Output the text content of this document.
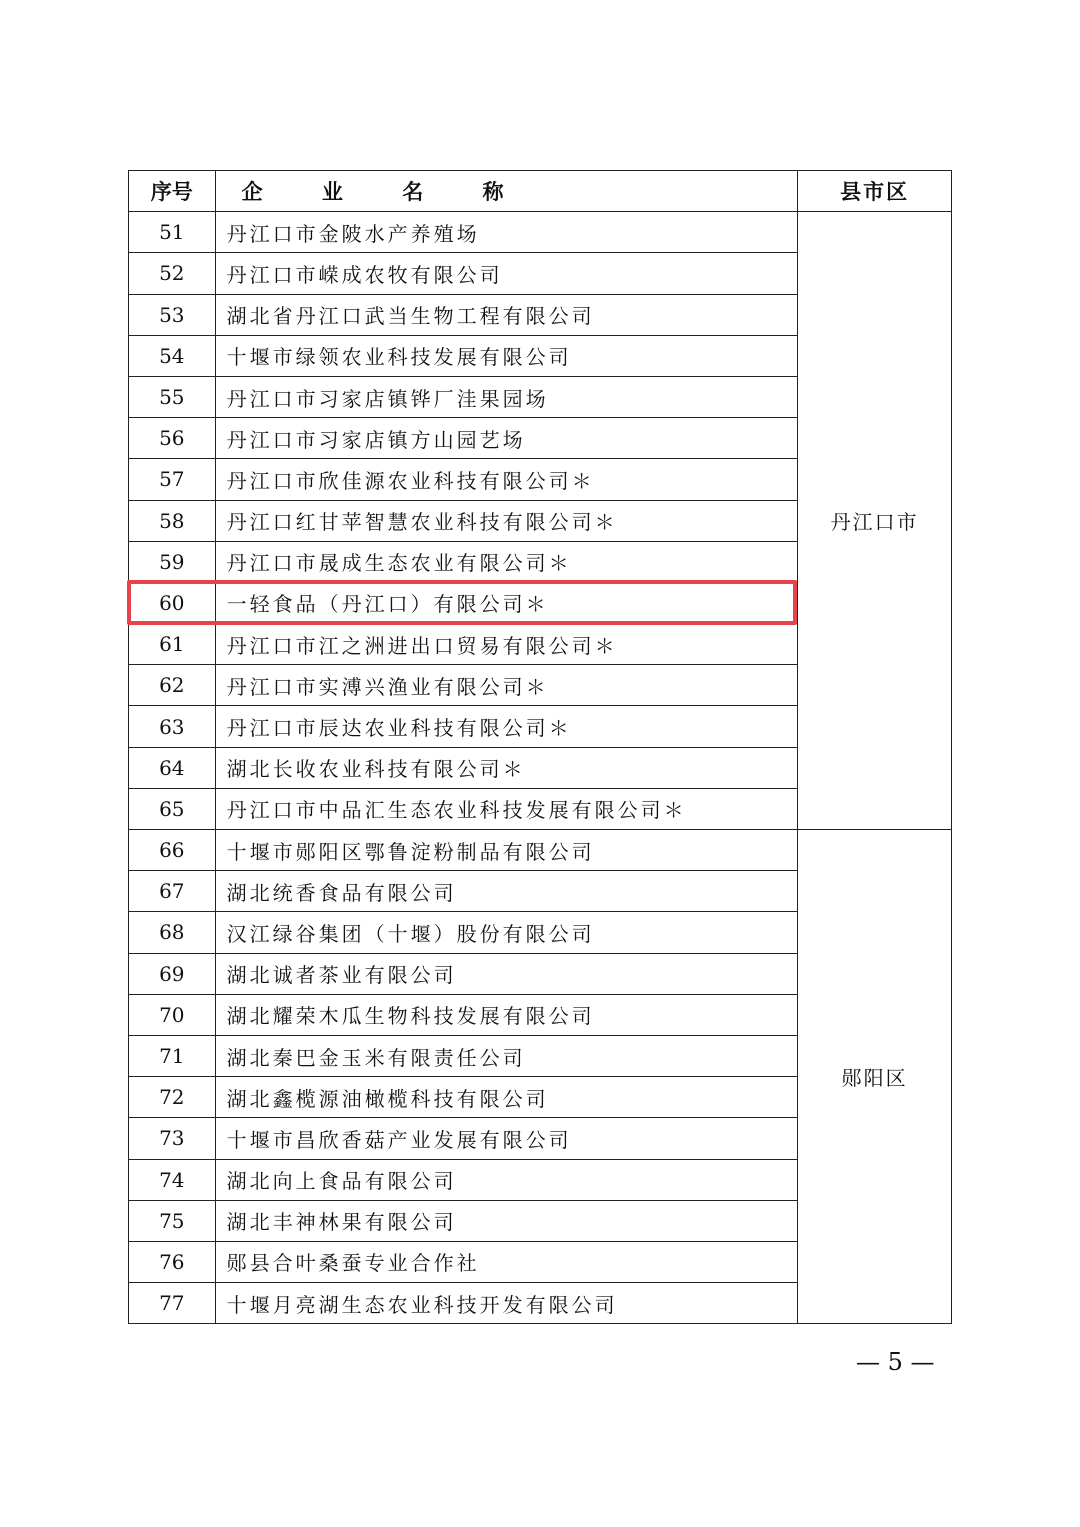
序号	企 业 名 称	县市区
51	丹江口市金陂水产养殖场	丹江口市
52	丹江口市嵘成农牧有限公司	
53	湖北省丹江口武当生物工程有限公司	
54	十堰市绿领农业科技发展有限公司	
55	丹江口市习家店镇铧厂洼果园场	
56	丹江口市习家店镇方山园艺场	
57	丹江口市欣佳源农业科技有限公司＊	
58	丹江口红甘苹智慧农业科技有限公司＊	
59	丹江口市晟成生态农业有限公司＊	
60	一轻食品（丹江口）有限公司＊	
61	丹江口市江之洲进出口贸易有限公司＊	
62	丹江口市实溥兴渔业有限公司＊	
63	丹江口市辰达农业科技有限公司＊	
64	湖北长收农业科技有限公司＊	
65	丹江口市中品汇生态农业科技发展有限公司＊	
66	十堰市郧阳区鄂鲁淀粉制品有限公司	郧阳区
67	湖北统香食品有限公司	
68	汉江绿谷集团（十堰）股份有限公司	
69	湖北诚者茶业有限公司	
70	湖北耀荣木瓜生物科技发展有限公司	
71	湖北秦巴金玉米有限责任公司	
72	湖北鑫榄源油橄榄科技有限公司	
73	十堰市昌欣香菇产业发展有限公司	
74	湖北向上食品有限公司	
75	湖北丰神林果有限公司	
76	郧县合叶桑蚕专业合作社	
77	十堰月亮湖生态农业科技开发有限公司	
— 5 —
